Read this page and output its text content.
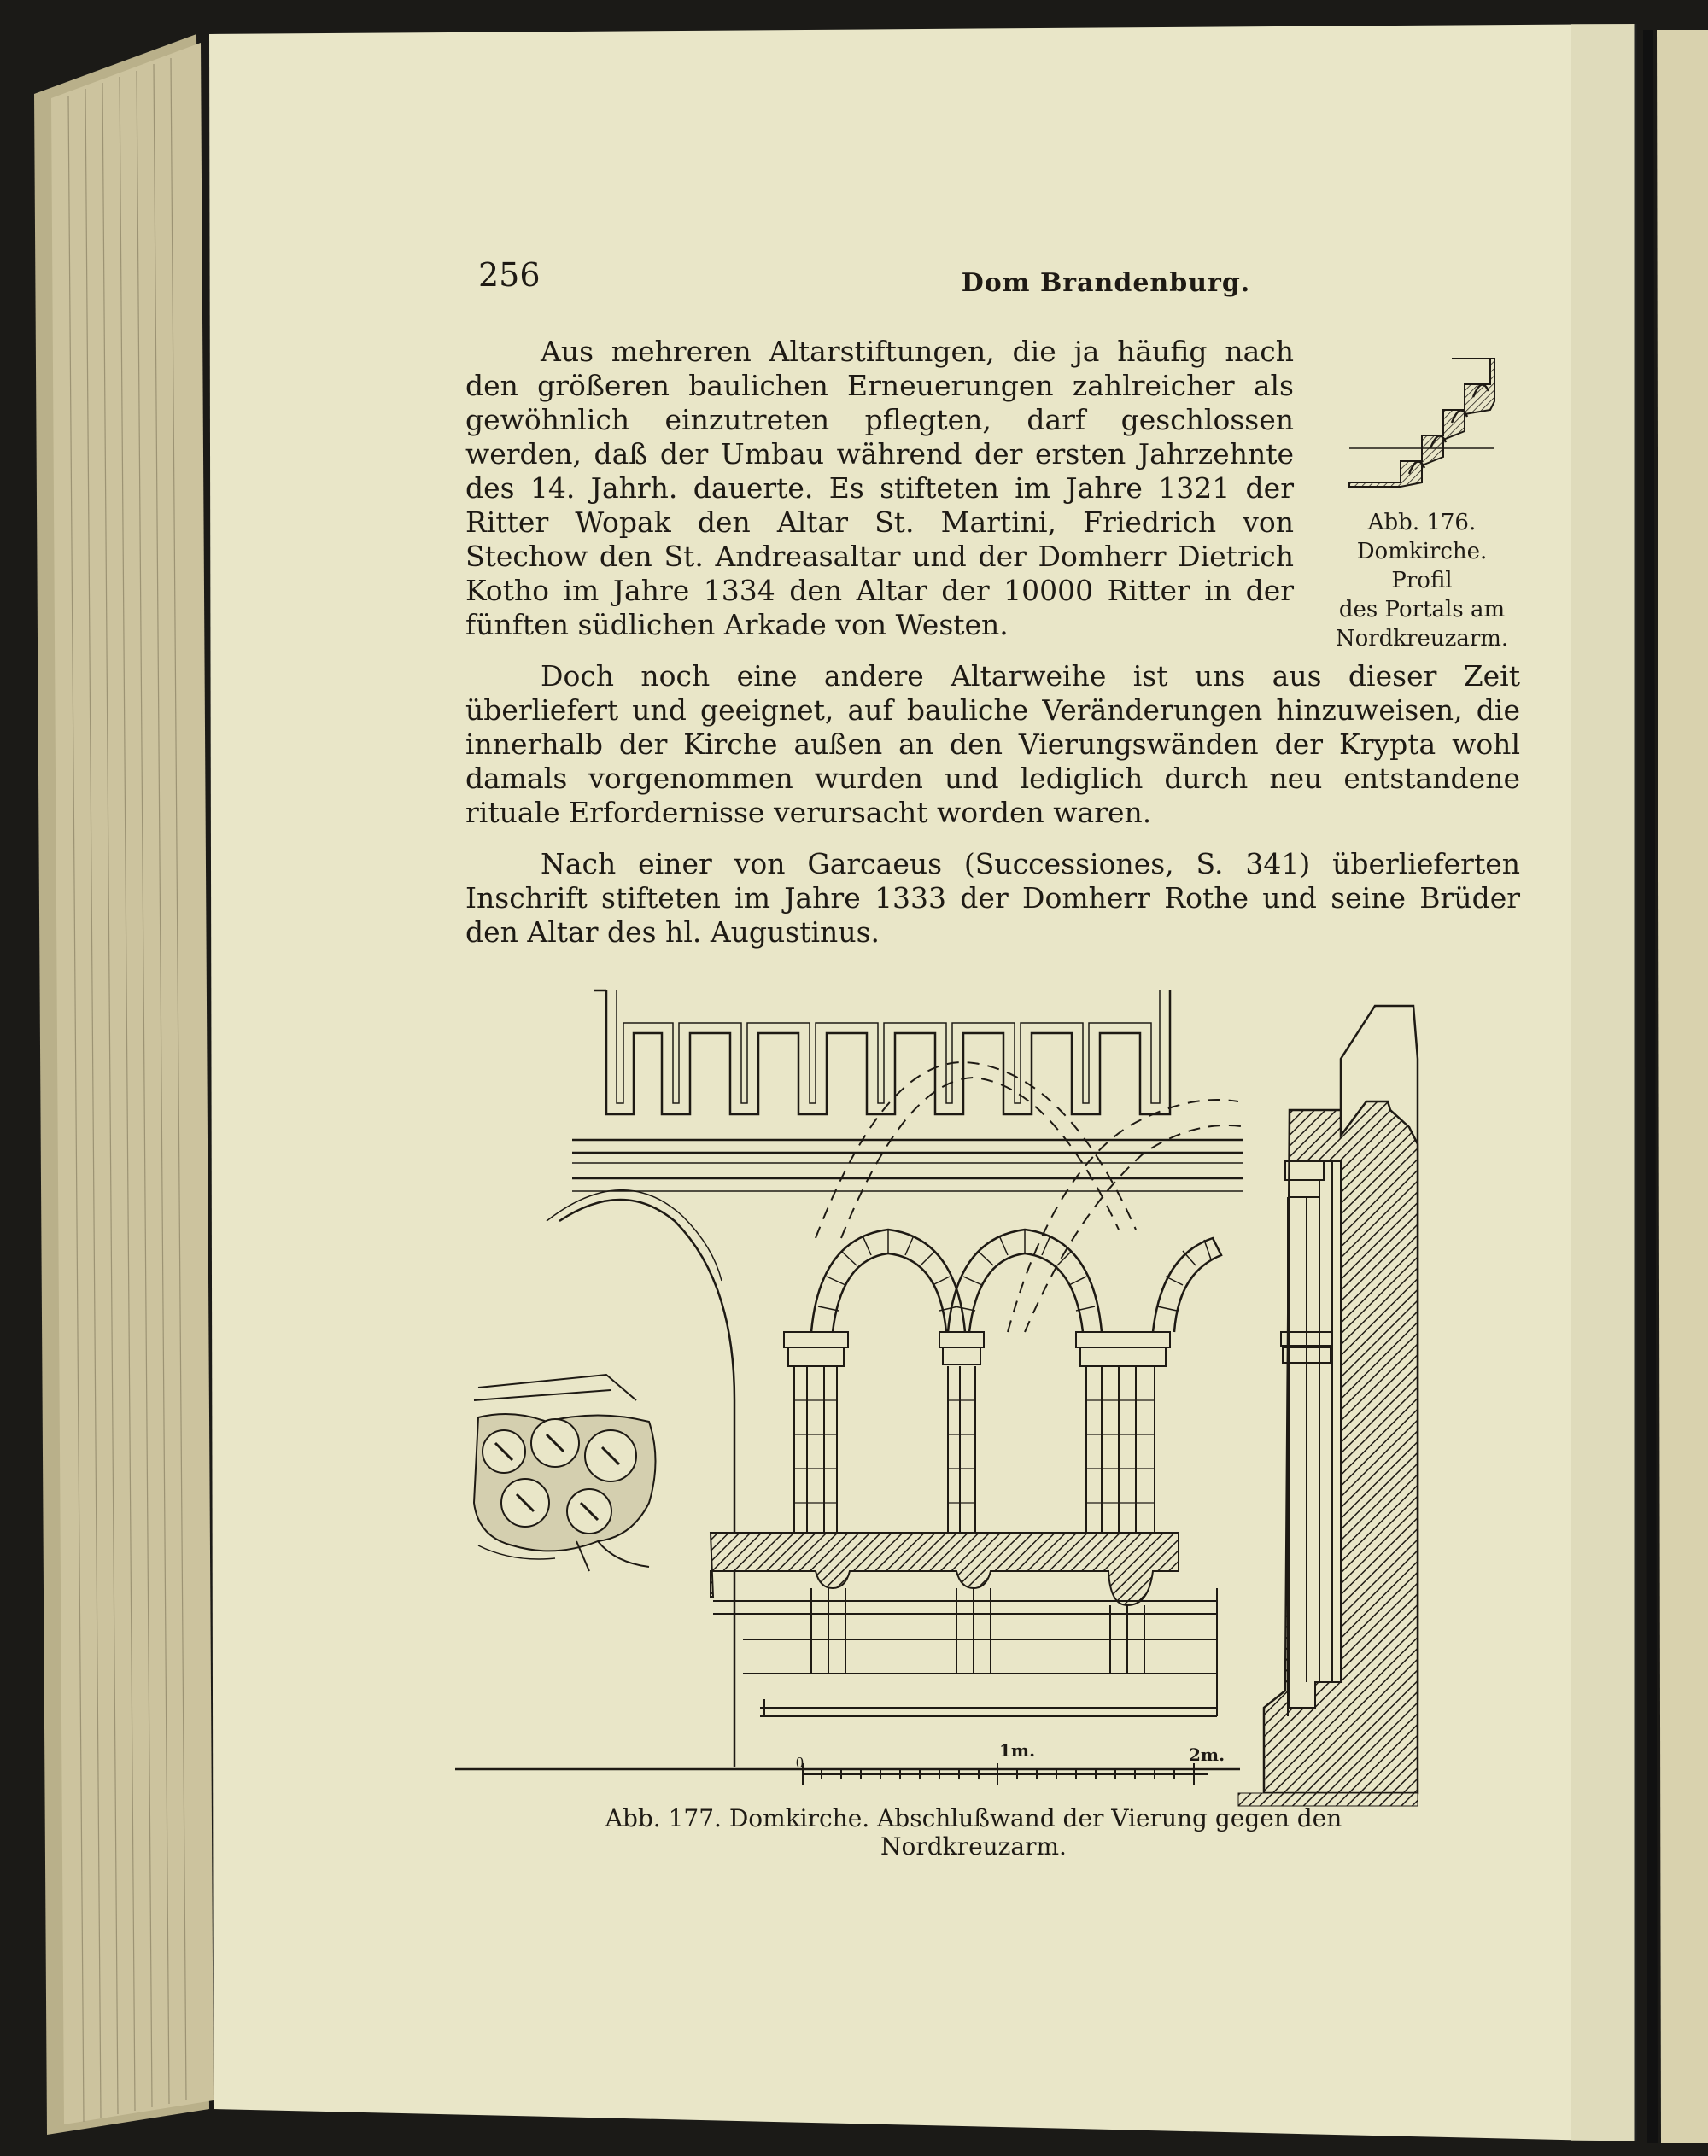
0
256	Dom Brandenburg.

Aus mehreren Altarstiftungen, die ja häufig nach den größeren baulichen Erneuerungen zahlreicher als gewöhnlich einzutreten pflegten, darf geschlossen werden, daß der Umbau während der ersten Jahrzehnte des 14. Jahrh. dauerte. Es stifteten im Jahre 1321 der Ritter Wopak den Altar St. Martini, Friedrich von Stechow den St. Andreasaltar und der Domherr Dietrich Kotho im Jahre 1334 den Altar der 10000 Ritter in der fünften südlichen Arkade von Westen.

Doch noch eine andere Altarweihe ist uns aus dieser Zeit überliefert und geeignet, auf bauliche Veränderungen hinzuweisen, die innerhalb der Kirche außen an den Vierungswänden der Krypta wohl damals vorgenommen wurden und lediglich durch neu entstandene rituale Erfordernisse verursacht worden waren.

Nach einer von Garcaeus (Successiones, S. 341) überlieferten Inschrift stifteten im Jahre 1333 der Domherr Rothe und seine Brüder den Altar des hl. Augustinus.

Abb. 176.
Domkirche.
Profil
des Portals am
Nordkreuzarm.
1m.	2m.
Abb. 177. Domkirche. Abschlußwand der Vierung gegen den Nordkreuzarm.
